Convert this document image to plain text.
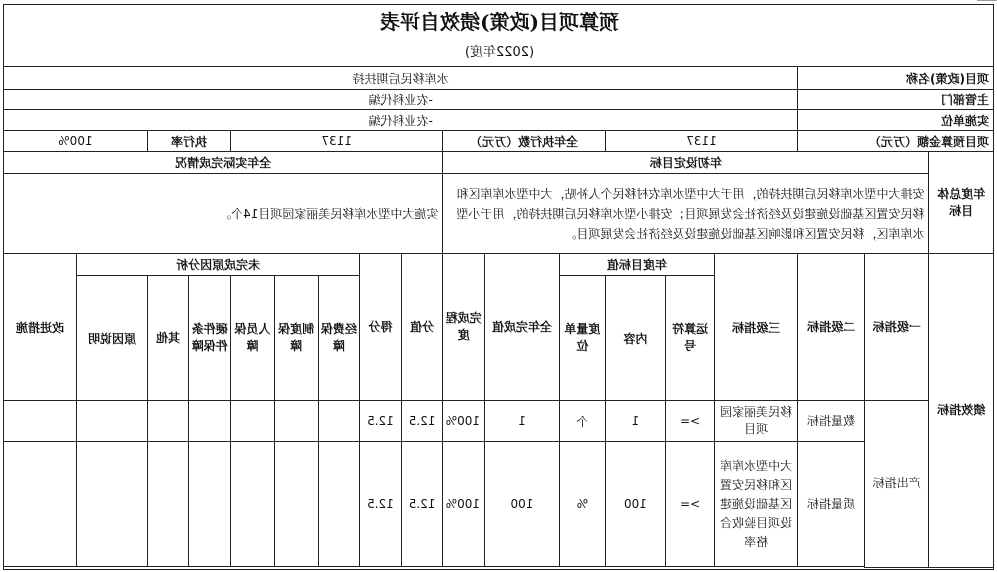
预算项目(政策)绩效自评表
(2022年度)
项目(政策)名称			水库移民后期扶持														
主管部门			-农业科代编														
实施单位			-农业科代编														
项目预算金额（万元）			1137			全年执行数（万元）			1137					执行率		100%	
年度总体目标	年初设定目标								全年实际完成情况								
	安排大中型水库移民后期扶持的，用于大中型水库农村移民个人补贴，大中型水库库区和移民安置区基础设施建设及经济社会发展项目；安排小型水库移民后期扶持的，用于小型水库库区，移民安置区和影响区基础设施建设及经济社会发展项目。								实施大中型水库移民美丽家园项目14个。								
绩效指标	一级指标	二级指标	三级指标	年度目标值			全年完成值	完成程度	分值	得分	未完成原因分析						改进措施
				运算符号	内容	度量单位					经费保障	制度保障	人员保障	硬件条件保障	其他	原因说明	
	产出指标	数量指标	移民美丽家园项目	>=	1	个	1	100%	12.5	12.5							
		质量指标	大中型水库库区和移民安置区基础设施建设项目验收合格率	>=	100	%	100	100%	12.5	12.5							
